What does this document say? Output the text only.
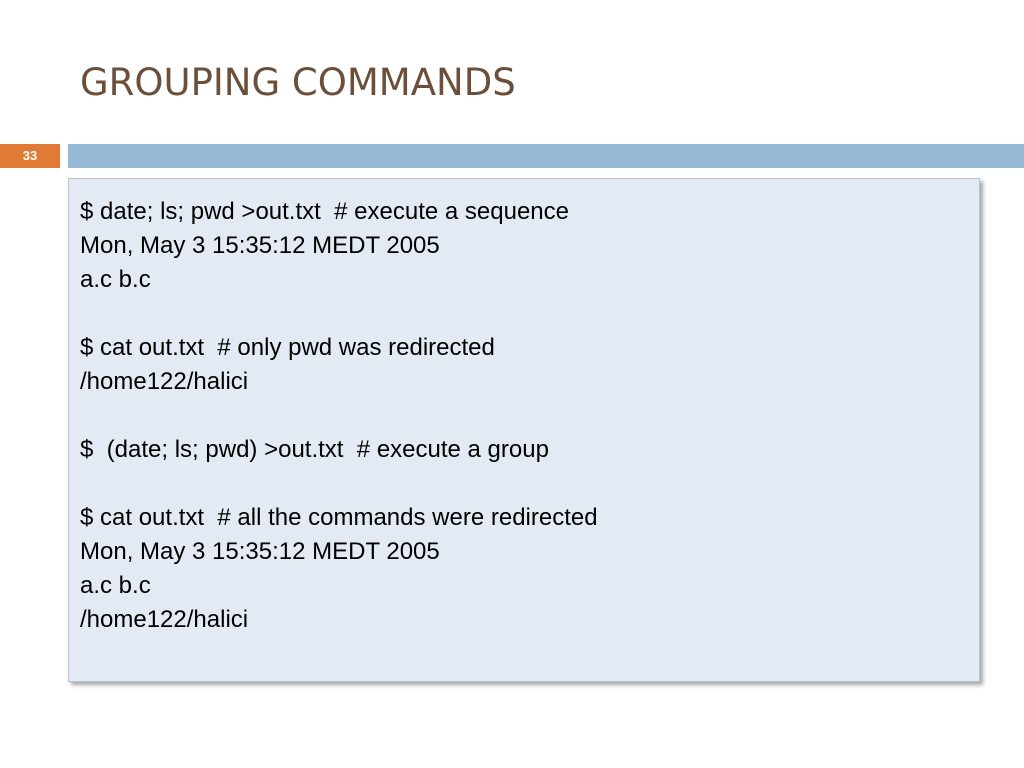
GROUPING COMMANDS
33
$ date; ls; pwd >out.txt  # execute a sequence
Mon, May 3 15:35:12 MEDT 2005
a.c b.c
$ cat out.txt  # only pwd was redirected
/home122/halici
$  (date; ls; pwd) >out.txt  # execute a group
$ cat out.txt  # all the commands were redirected
Mon, May 3 15:35:12 MEDT 2005
a.c b.c
/home122/halici
